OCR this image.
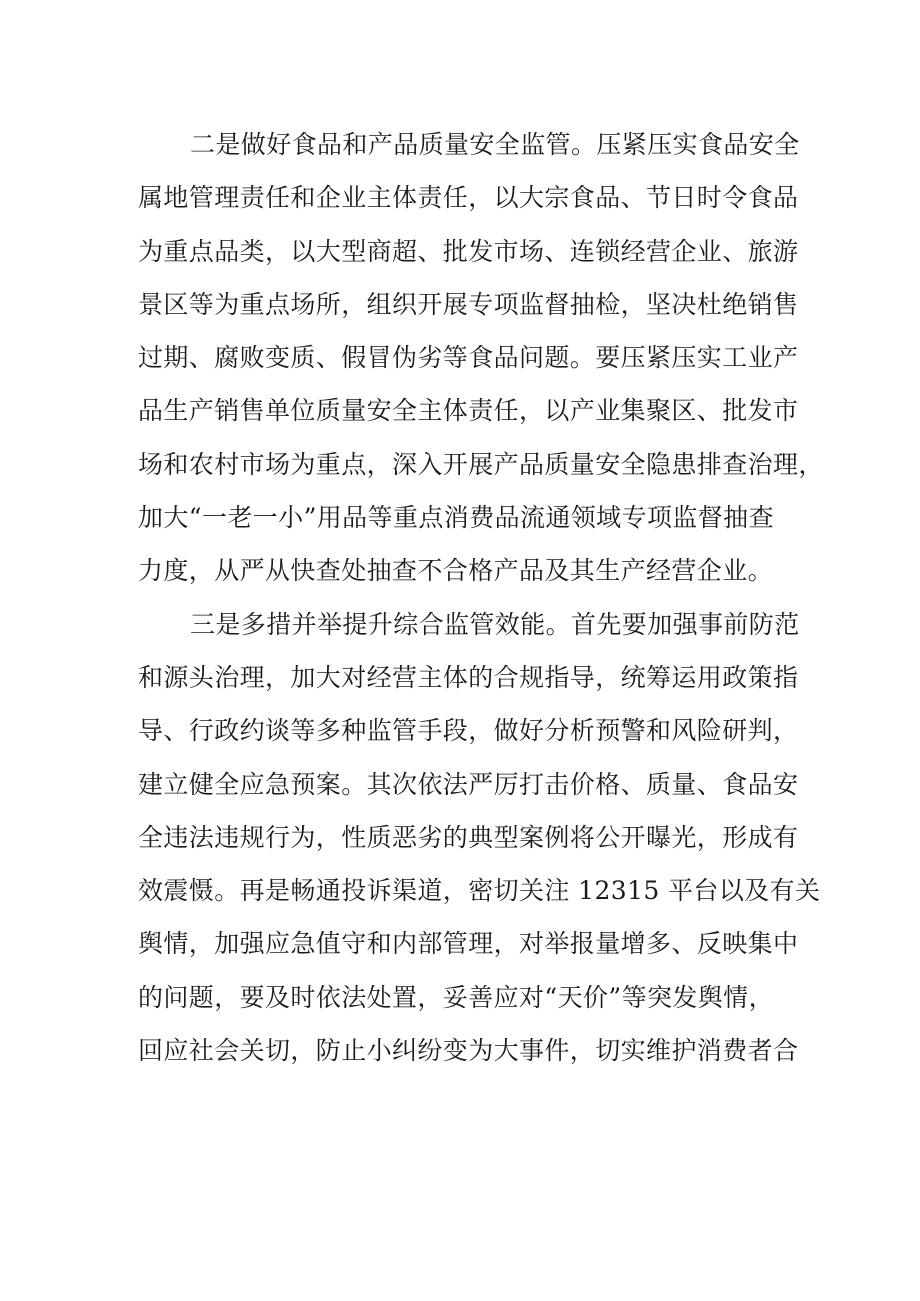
二是做好食品和产品质量安全监管。压紧压实食品安全
属地管理责任和企业主体责任，以大宗食品、节日时令食品
为重点品类，以大型商超、批发市场、连锁经营企业、旅游
景区等为重点场所，组织开展专项监督抽检，坚决杜绝销售
过期、腐败变质、假冒伪劣等食品问题。要压紧压实工业产
品生产销售单位质量安全主体责任，以产业集聚区、批发市
场和农村市场为重点，深入开展产品质量安全隐患排查治理，
加大“一老一小”用品等重点消费品流通领域专项监督抽查
力度，从严从快查处抽查不合格产品及其生产经营企业。
三是多措并举提升综合监管效能。首先要加强事前防范
和源头治理，加大对经营主体的合规指导，统筹运用政策指
导、行政约谈等多种监管手段，做好分析预警和风险研判，
建立健全应急预案。其次依法严厉打击价格、质量、食品安
全违法违规行为，性质恶劣的典型案例将公开曝光，形成有
效震慑。再是畅通投诉渠道，密切关注 12315 平台以及有关
舆情，加强应急值守和内部管理，对举报量增多、反映集中
的问题，要及时依法处置，妥善应对“天价”等突发舆情，
回应社会关切，防止小纠纷变为大事件，切实维护消费者合
